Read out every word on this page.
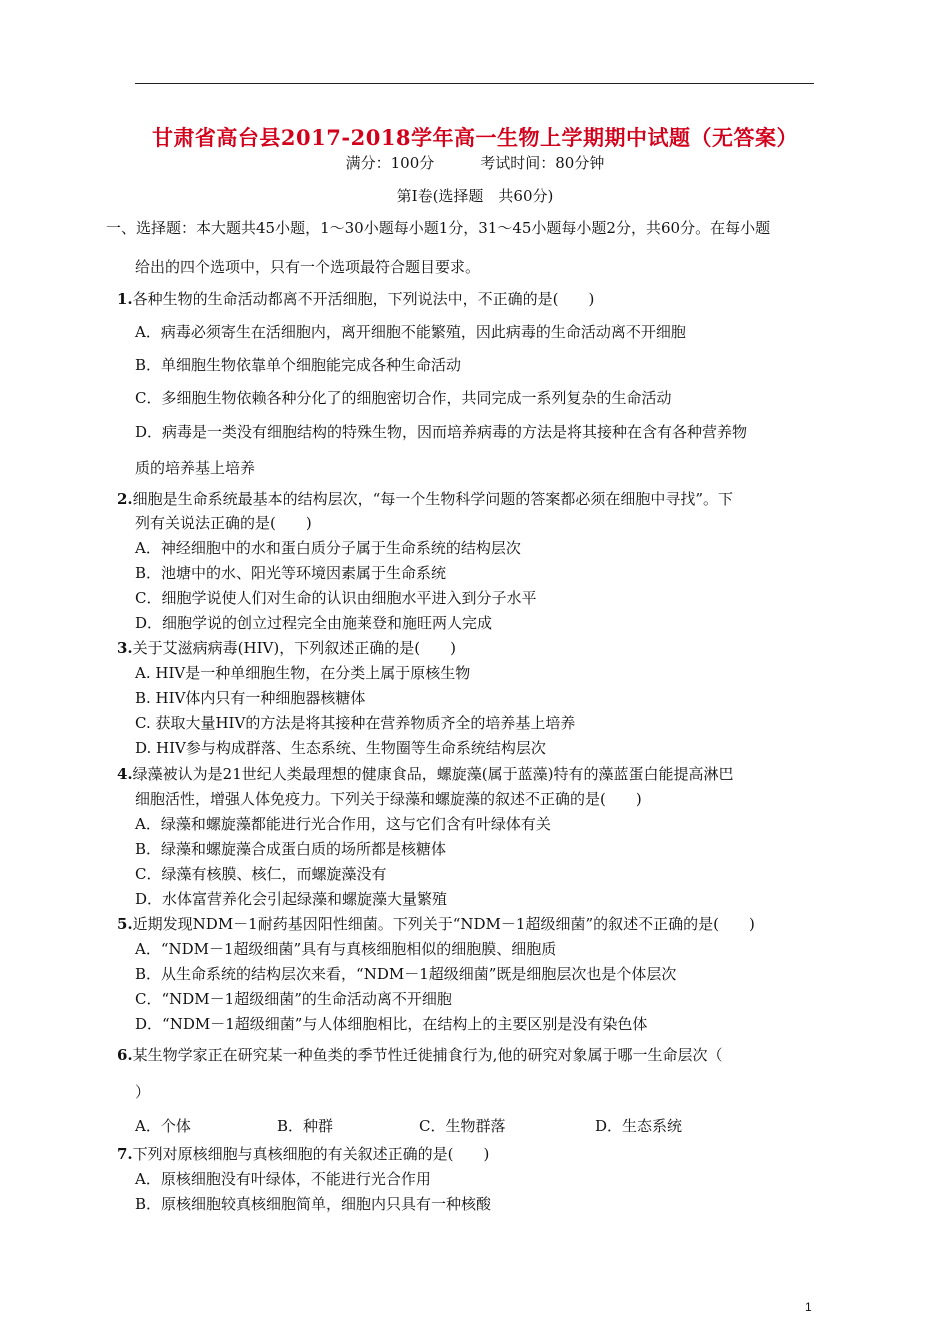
甘肃省高台县2017-2018学年高一生物上学期期中试题（无答案）
满分：100分	考试时间：80分钟
第Ⅰ卷(选择题　共60分)
一、选择题：本大题共45小题，1～30小题每小题1分，31～45小题每小题2分，共60分。在每小题
给出的四个选项中，只有一个选项最符合题目要求。
1.各种生物的生命活动都离不开活细胞，下列说法中，不正确的是(　　)
A．病毒必须寄生在活细胞内，离开细胞不能繁殖，因此病毒的生命活动离不开细胞
B．单细胞生物依靠单个细胞能完成各种生命活动
C．多细胞生物依赖各种分化了的细胞密切合作，共同完成一系列复杂的生命活动
D．病毒是一类没有细胞结构的特殊生物，因而培养病毒的方法是将其接种在含有各种营养物
质的培养基上培养
2.细胞是生命系统最基本的结构层次，“每一个生物科学问题的答案都必须在细胞中寻找”。下
列有关说法正确的是(　　)
A．神经细胞中的水和蛋白质分子属于生命系统的结构层次
B．池塘中的水、阳光等环境因素属于生命系统
C．细胞学说使人们对生命的认识由细胞水平进入到分子水平
D．细胞学说的创立过程完全由施莱登和施旺两人完成
3.关于艾滋病病毒(HIV)，下列叙述正确的是(　　)
A. HIV是一种单细胞生物，在分类上属于原核生物
B. HIV体内只有一种细胞器核糖体
C. 获取大量HIV的方法是将其接种在营养物质齐全的培养基上培养
D. HIV参与构成群落、生态系统、生物圈等生命系统结构层次
4.绿藻被认为是21世纪人类最理想的健康食品，螺旋藻(属于蓝藻)特有的藻蓝蛋白能提高淋巴
细胞活性，增强人体免疫力。下列关于绿藻和螺旋藻的叙述不正确的是(　　)
A．绿藻和螺旋藻都能进行光合作用，这与它们含有叶绿体有关
B．绿藻和螺旋藻合成蛋白质的场所都是核糖体
C．绿藻有核膜、核仁，而螺旋藻没有
D．水体富营养化会引起绿藻和螺旋藻大量繁殖
5.近期发现NDM－1耐药基因阳性细菌。下列关于“NDM－1超级细菌”的叙述不正确的是(　　)
A．“NDM－1超级细菌”具有与真核细胞相似的细胞膜、细胞质
B．从生命系统的结构层次来看，“NDM－1超级细菌”既是细胞层次也是个体层次
C．“NDM－1超级细菌”的生命活动离不开细胞
D．“NDM－1超级细菌”与人体细胞相比，在结构上的主要区别是没有染色体
6.某生物学家正在研究某一种鱼类的季节性迁徙捕食行为,他的研究对象属于哪一生命层次（
）
A．个体	B．种群	C．生物群落	D．生态系统
7.下列对原核细胞与真核细胞的有关叙述正确的是(　　)
A．原核细胞没有叶绿体，不能进行光合作用
B．原核细胞较真核细胞简单，细胞内只具有一种核酸
1
